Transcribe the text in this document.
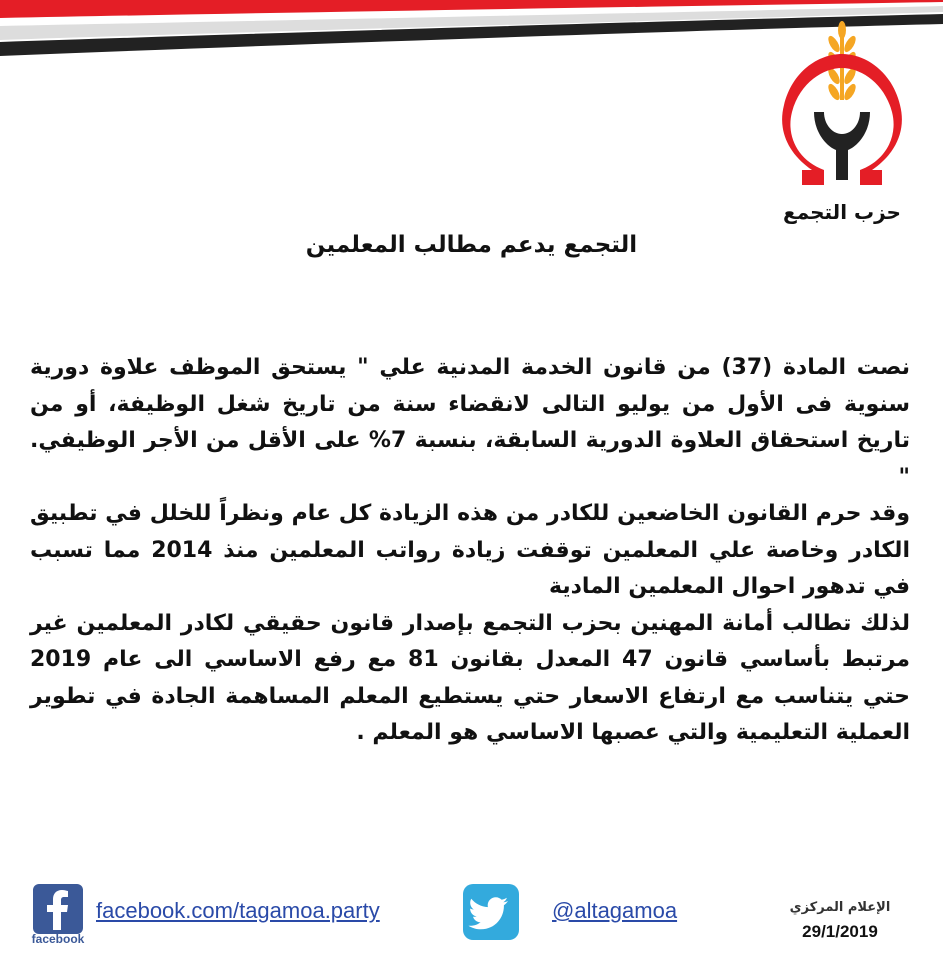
حزب التجمع
التجمع يدعم مطالب المعلمين

نصت المادة (37) من قانون الخدمة المدنية علي " يستحق الموظف علاوة دورية سنوية فى الأول من يوليو التالى لانقضاء سنة من تاريخ شغل الوظيفة، أو من تاريخ استحقاق العلاوة الدورية السابقة، بنسبة 7% على الأقل من الأجر الوظيفي. "

وقد حرم القانون الخاضعين للكادر من هذه الزيادة كل عام ونظراً للخلل في تطبيق الكادر وخاصة علي المعلمين توقفت زيادة رواتب المعلمين منذ 2014 مما تسبب في تدهور احوال المعلمين المادية

لذلك تطالب أمانة المهنين بحزب التجمع بإصدار قانون حقيقي لكادر المعلمين غير مرتبط بأساسي قانون 47 المعدل بقانون 81 مع رفع الاساسي الى عام 2019 حتي يتناسب مع ارتفاع الاسعار حتي يستطيع المعلم المساهمة الجادة في تطوير العملية التعليمية والتي عصبها الاساسي هو المعلم .

facebook
facebook.com/tagamoa.party	@altagamoa	الإعلام المركزي
29/1/2019
